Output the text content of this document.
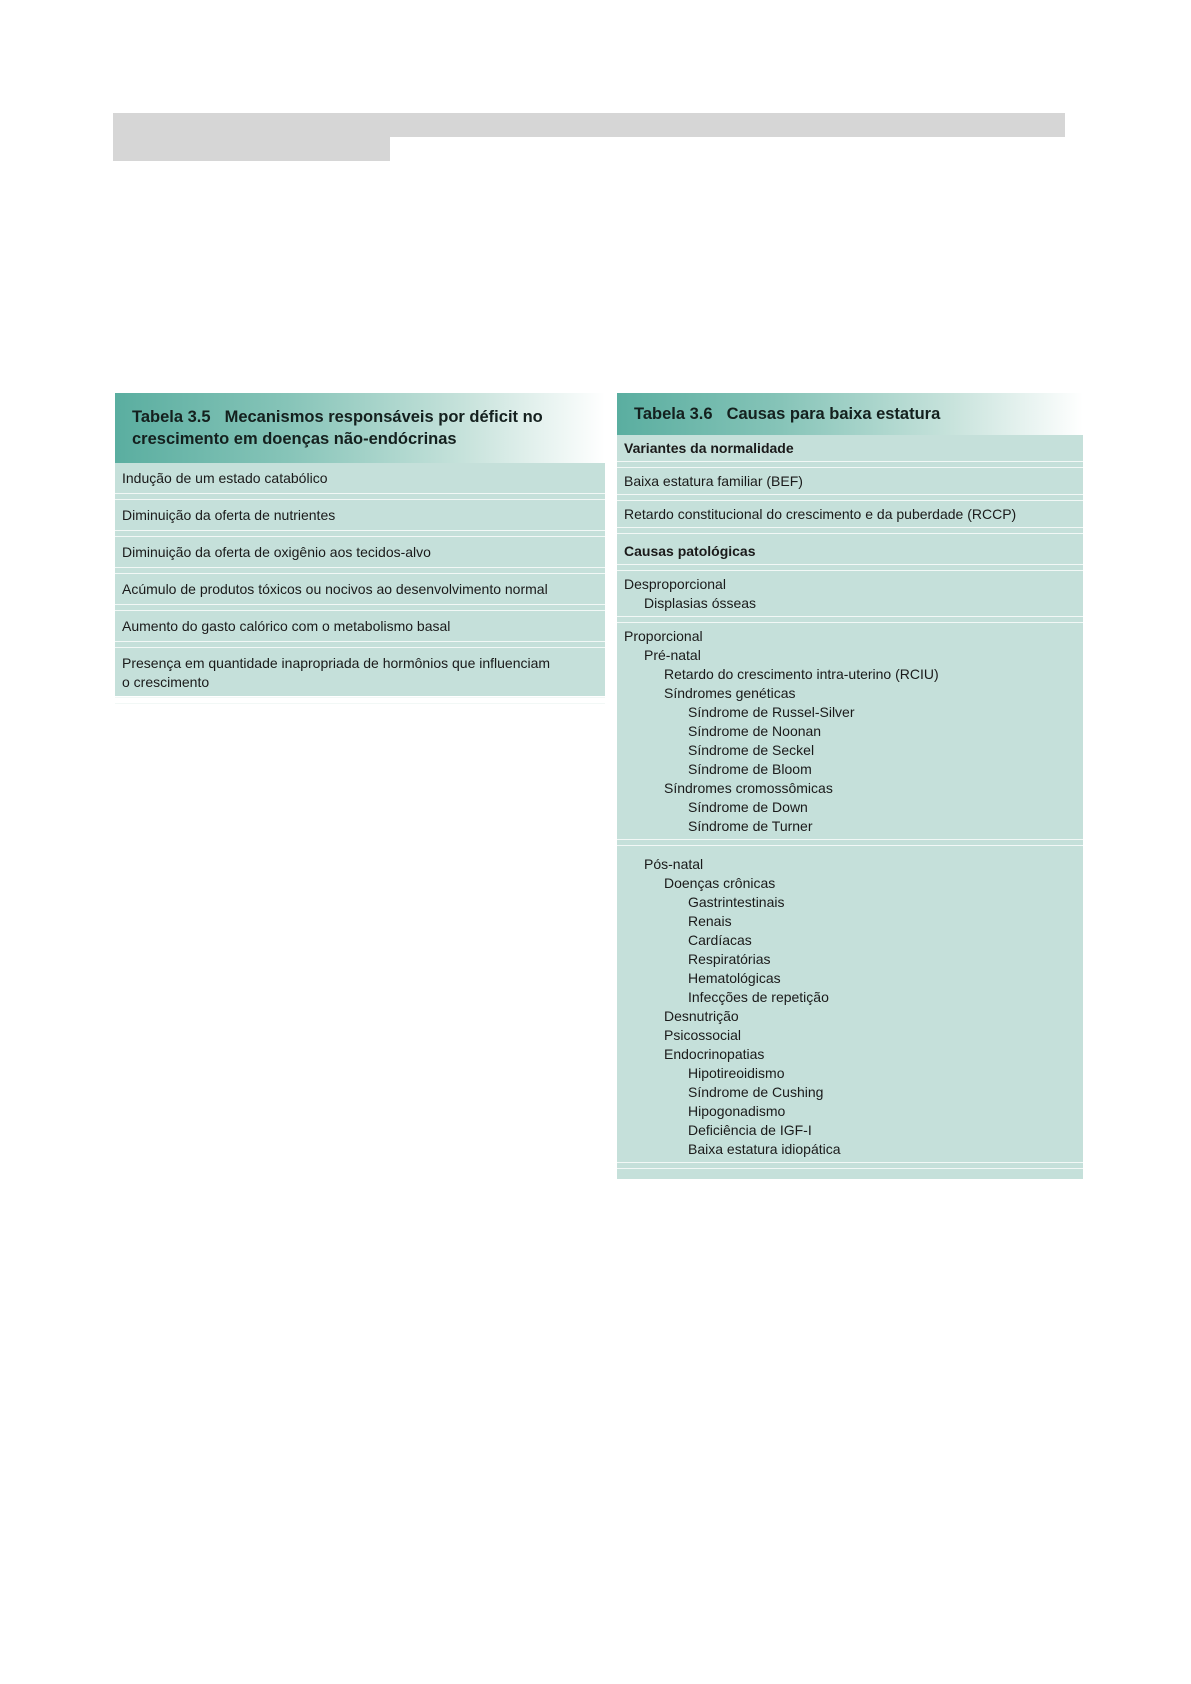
Tabela 3.5 Mecanismos responsáveis por déficit no
crescimento em doenças não-endócrinas
Indução de um estado catabólico
Diminuição da oferta de nutrientes
Diminuição da oferta de oxigênio aos tecidos-alvo
Acúmulo de produtos tóxicos ou nocivos ao desenvolvimento normal
Aumento do gasto calórico com o metabolismo basal
Presença em quantidade inapropriada de hormônios que influenciam
o crescimento
Tabela 3.6 Causas para baixa estatura
Variantes da normalidade
Baixa estatura familiar (BEF)
Retardo constitucional do crescimento e da puberdade (RCCP)
Causas patológicas
Desproporcional
Displasias ósseas
Proporcional
Pré-natal
Retardo do crescimento intra-uterino (RCIU)
Síndromes genéticas
Síndrome de Russel-Silver
Síndrome de Noonan
Síndrome de Seckel
Síndrome de Bloom
Síndromes cromossômicas
Síndrome de Down
Síndrome de Turner
Pós-natal
Doenças crônicas
Gastrintestinais
Renais
Cardíacas
Respiratórias
Hematológicas
Infecções de repetição
Desnutrição
Psicossocial
Endocrinopatias
Hipotireoidismo
Síndrome de Cushing
Hipogonadismo
Deficiência de IGF-I
Baixa estatura idiopática
